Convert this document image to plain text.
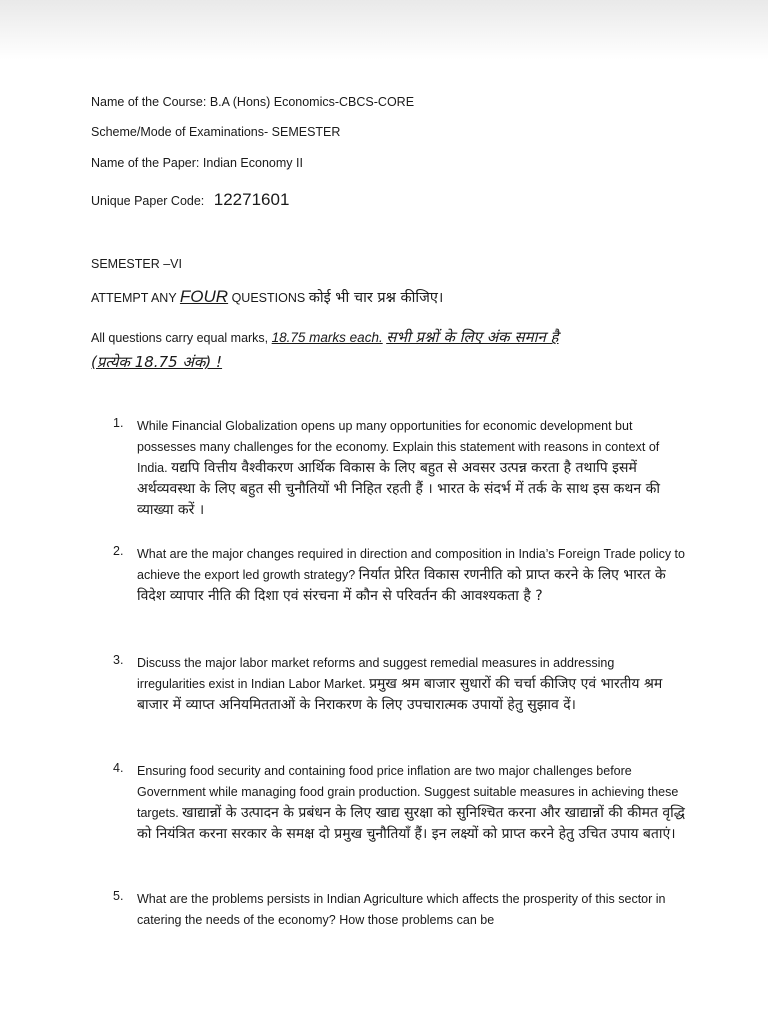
Name of the Course: B.A (Hons) Economics-CBCS-CORE
Scheme/Mode of Examinations- SEMESTER
Name of the Paper: Indian Economy II
Unique Paper Code: 12271601
SEMESTER –VI
ATTEMPT ANY FOUR QUESTIONS कोई भी चार प्रश्न कीजिए।
All questions carry equal marks, 18.75 marks each. सभी प्रश्नों के लिए अंक समान है
(प्रत्येक 18.75 अंक) !
1.	While Financial Globalization opens up many opportunities for economic development but possesses many challenges for the economy. Explain this statement with reasons in context of India. यद्यपि वित्तीय वैश्वीकरण आर्थिक विकास के लिए बहुत से अवसर उत्पन्न करता है तथापि इसमें अर्थव्यवस्था के लिए बहुत सी चुनौतियों भी निहित रहती हैं । भारत के संदर्भ में तर्क के साथ इस कथन की व्याख्या करें ।
2.	What are the major changes required in direction and composition in India’s Foreign Trade policy to achieve the export led growth strategy? निर्यात प्रेरित विकास रणनीति को प्राप्त करने के लिए भारत के विदेश व्यापार नीति की दिशा एवं संरचना में कौन से परिवर्तन की आवश्यकता है ?
3.	Discuss the major labor market reforms and suggest remedial measures in addressing irregularities exist in Indian Labor Market. प्रमुख श्रम बाजार सुधारों की चर्चा कीजिए एवं भारतीय श्रम बाजार में व्याप्त अनियमितताओं के निराकरण के लिए उपचारात्मक उपायों हेतु सुझाव दें।
4.	Ensuring food security and containing food price inflation are two major challenges before Government while managing food grain production. Suggest suitable measures in achieving these targets. खाद्यान्नों के उत्पादन के प्रबंधन के लिए खाद्य सुरक्षा को सुनिश्चित करना और खाद्यान्नों की कीमत वृद्धि को नियंत्रित करना सरकार के समक्ष दो प्रमुख चुनौतियाँ हैं। इन लक्ष्यों को प्राप्त करने हेतु उचित उपाय बताएं।
5.	What are the problems persists in Indian Agriculture which affects the prosperity of this sector in catering the needs of the economy? How those problems can be
